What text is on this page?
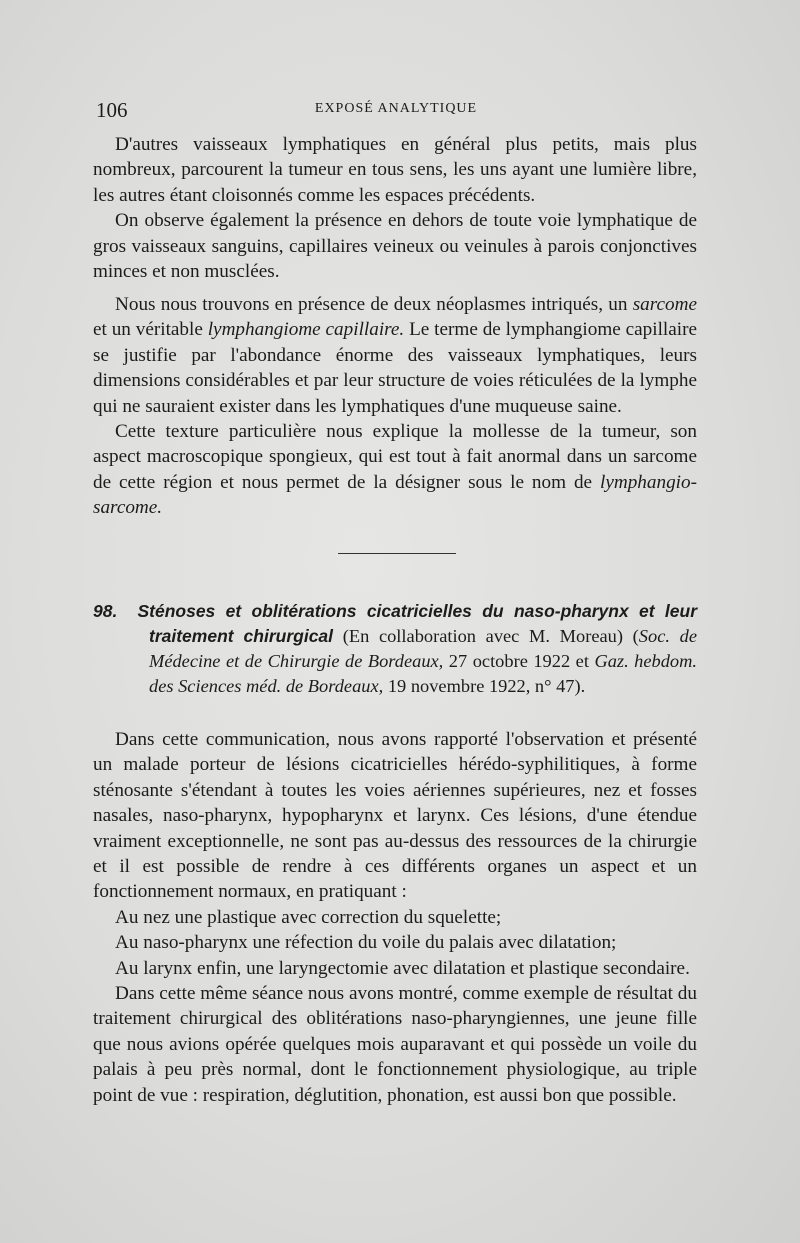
106	EXPOSÉ ANALYTIQUE

D'autres vaisseaux lymphatiques en général plus petits, mais plus nombreux, parcourent la tumeur en tous sens, les uns ayant une lumière libre, les autres étant cloisonnés comme les espaces précédents.

On observe également la présence en dehors de toute voie lymphatique de gros vaisseaux sanguins, capillaires veineux ou veinules à parois conjonctives minces et non musclées.

Nous nous trouvons en présence de deux néoplasmes intriqués, un sarcome et un véritable lymphangiome capillaire. Le terme de lymphangiome capillaire se justifie par l'abondance énorme des vaisseaux lymphatiques, leurs dimensions considérables et par leur structure de voies réticulées de la lymphe qui ne sauraient exister dans les lymphatiques d'une muqueuse saine.

Cette texture particulière nous explique la mollesse de la tumeur, son aspect macroscopique spongieux, qui est tout à fait anormal dans un sarcome de cette région et nous permet de la désigner sous le nom de lymphangio-sarcome.

98. Sténoses et oblitérations cicatricielles du naso-pharynx et leur traitement chirurgical (En collaboration avec M. Moreau) (Soc. de Médecine et de Chirurgie de Bordeaux, 27 octobre 1922 et Gaz. hebdom. des Sciences méd. de Bordeaux, 19 novembre 1922, n° 47).

Dans cette communication, nous avons rapporté l'observation et présenté un malade porteur de lésions cicatricielles hérédo-syphilitiques, à forme sténosante s'étendant à toutes les voies aériennes supérieures, nez et fosses nasales, naso-pharynx, hypopharynx et larynx. Ces lésions, d'une étendue vraiment exceptionnelle, ne sont pas au-dessus des ressources de la chirurgie et il est possible de rendre à ces différents organes un aspect et un fonctionnement normaux, en pratiquant :

Au nez une plastique avec correction du squelette;

Au naso-pharynx une réfection du voile du palais avec dilatation;

Au larynx enfin, une laryngectomie avec dilatation et plastique secondaire.

Dans cette même séance nous avons montré, comme exemple de résultat du traitement chirurgical des oblitérations naso-pharyngiennes, une jeune fille que nous avions opérée quelques mois auparavant et qui possède un voile du palais à peu près normal, dont le fonctionnement physiologique, au triple point de vue : respiration, déglutition, phonation, est aussi bon que possible.
